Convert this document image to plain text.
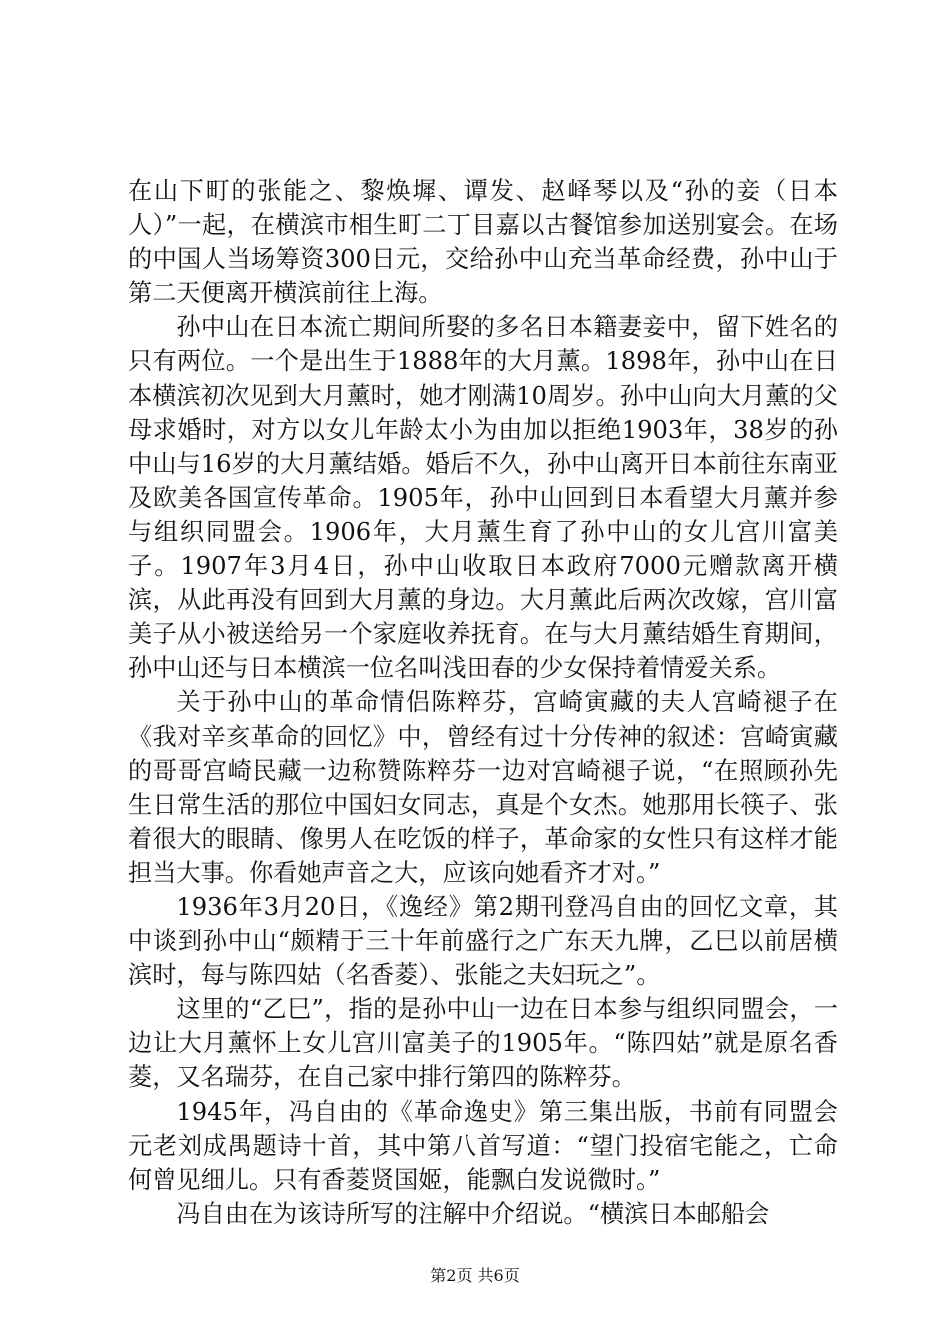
在山下町的张能之、黎焕墀、谭发、赵峄琴以及“孙的妾（日本人）”一起，在横滨市相生町二丁目嘉以古餐馆参加送别宴会。在场的中国人当场筹资300日元，交给孙中山充当革命经费，孙中山于第二天便离开横滨前往上海。

孙中山在日本流亡期间所娶的多名日本籍妻妾中，留下姓名的只有两位。一个是出生于1888年的大月薰。1898年，孙中山在日本横滨初次见到大月薰时，她才刚满10周岁。孙中山向大月薰的父母求婚时，对方以女儿年龄太小为由加以拒绝1903年，38岁的孙中山与16岁的大月薰结婚。婚后不久，孙中山离开日本前往东南亚及欧美各国宣传革命。1905年，孙中山回到日本看望大月薰并参与组织同盟会。1906年，大月薰生育了孙中山的女儿宫川富美子。1907年3月4日，孙中山收取日本政府7000元赠款离开横滨，从此再没有回到大月薰的身边。大月薰此后两次改嫁，宫川富美子从小被送给另一个家庭收养抚育。在与大月薰结婚生育期间，孙中山还与日本横滨一位名叫浅田春的少女保持着情爱关系。

关于孙中山的革命情侣陈粹芬，宫崎寅藏的夫人宫崎褪子在《我对辛亥革命的回忆》中，曾经有过十分传神的叙述：宫崎寅藏的哥哥宫崎民藏一边称赞陈粹芬一边对宫崎褪子说，“在照顾孙先生日常生活的那位中国妇女同志，真是个女杰。她那用长筷子、张着很大的眼睛、像男人在吃饭的样子，革命家的女性只有这样才能担当大事。你看她声音之大，应该向她看齐才对。”

1936年3月20日，《逸经》第2期刊登冯自由的回忆文章，其中谈到孙中山“颇精于三十年前盛行之广东天九牌，乙巳以前居横滨时，每与陈四姑（名香菱）、张能之夫妇玩之”。

这里的“乙巳”，指的是孙中山一边在日本参与组织同盟会，一边让大月薰怀上女儿宫川富美子的1905年。“陈四姑”就是原名香菱，又名瑞芬，在自己家中排行第四的陈粹芬。

1945年，冯自由的《革命逸史》第三集出版，书前有同盟会元老刘成禺题诗十首，其中第八首写道：“望门投宿宅能之，亡命何曾见细儿。只有香菱贤国姬，能飘白发说微时。”

冯自由在为该诗所写的注解中介绍说。“横滨日本邮船会

第2页 共6页
